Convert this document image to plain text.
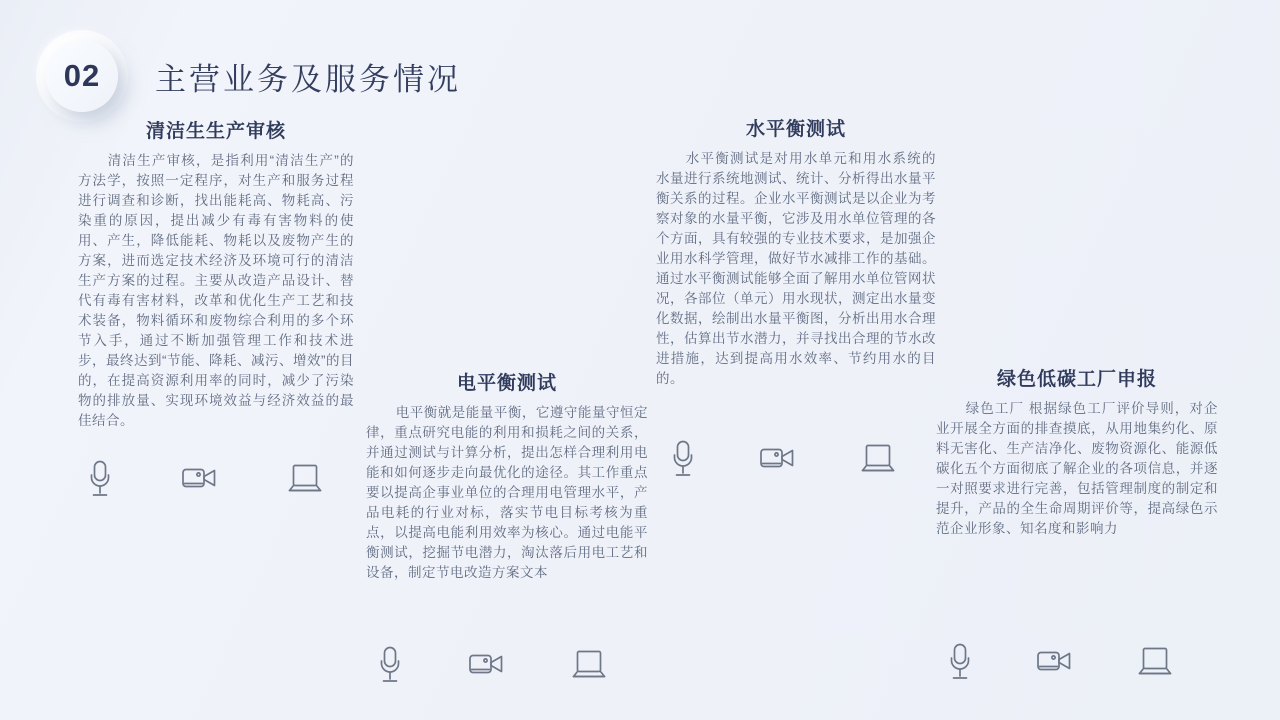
02 主营业务及服务情况
清洁生生产审核

清洁生产审核，是指利用“清洁生产”的方法学，按照一定程序，对生产和服务过程进行调查和诊断，找出能耗高、物耗高、污染重的原因，提出减少有毒有害物料的使用、产生，降低能耗、物耗以及废物产生的方案，进而选定技术经济及环境可行的清洁生产方案的过程。主要从改造产品设计、替代有毒有害材料，改革和优化生产工艺和技术装备，物料循环和废物综合利用的多个环节入手，通过不断加强管理工作和技术进步，最终达到“节能、降耗、减污、增效”的目的，在提高资源利用率的同时，减少了污染物的排放量、实现环境效益与经济效益的最佳结合。

电平衡测试

电平衡就是能量平衡，它遵守能量守恒定律，重点研究电能的利用和损耗之间的关系，并通过测试与计算分析，提出怎样合理利用电能和如何逐步走向最优化的途径。其工作重点要以提高企事业单位的合理用电管理水平，产品电耗的行业对标，落实节电目标考核为重点，以提高电能利用效率为核心。通过电能平衡测试，挖掘节电潜力，淘汰落后用电工艺和设备，制定节电改造方案文本

水平衡测试

水平衡测试是对用水单元和用水系统的水量进行系统地测试、统计、分析得出水量平衡关系的过程。企业水平衡测试是以企业为考察对象的水量平衡，它涉及用水单位管理的各个方面，具有较强的专业技术要求，是加强企业用水科学管理，做好节水减排工作的基础。通过水平衡测试能够全面了解用水单位管网状况，各部位（单元）用水现状，测定出水量变化数据，绘制出水量平衡图，分析出用水合理性，估算出节水潜力，并寻找出合理的节水改进措施，达到提高用水效率、节约用水的目的。	绿色低碳工厂申报

绿色工厂 根据绿色工厂评价导则，对企业开展全方面的排查摸底，从用地集约化、原料无害化、生产洁净化、废物资源化、能源低碳化五个方面彻底了解企业的各项信息，并逐一对照要求进行完善，包括管理制度的制定和提升，产品的全生命周期评价等，提高绿色示范企业形象、知名度和影响力
